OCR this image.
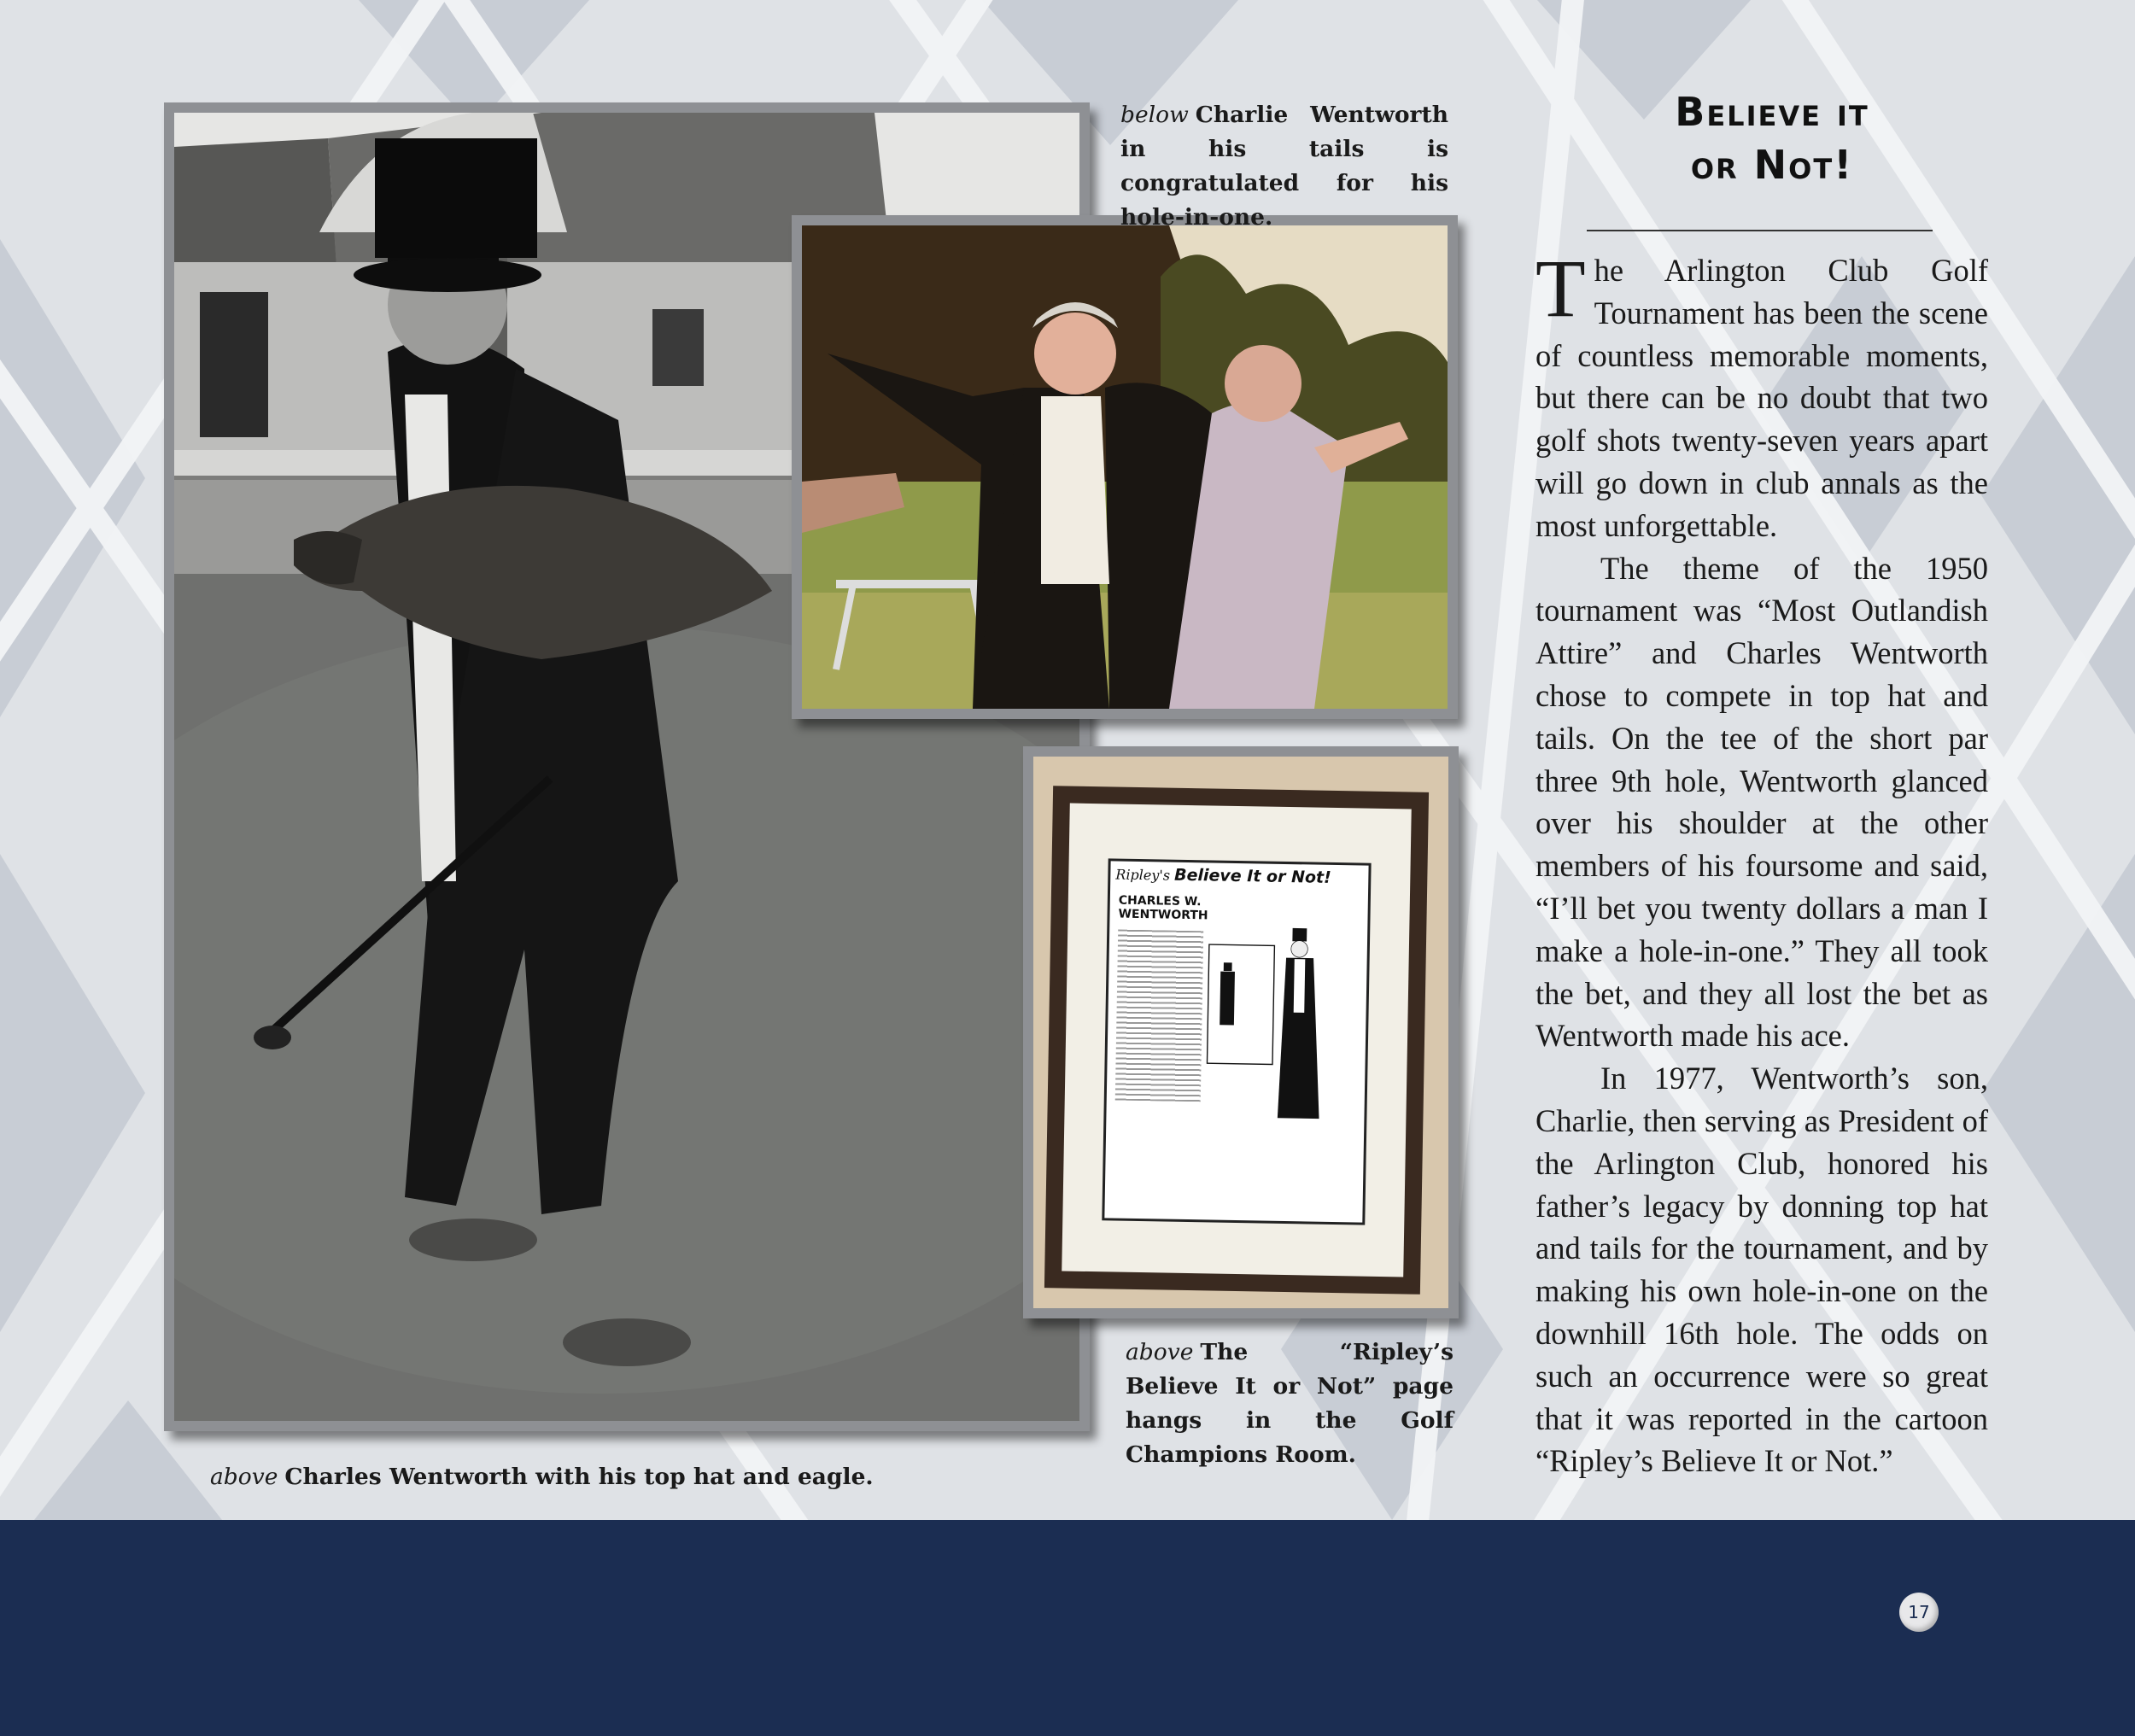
Ripley's Believe It or Not!
CHARLES W.
WENTWORTH
below Charlie Wentworth in his tails is congratulated for his hole-in-one.
above The “Ripley’s Believe It or Not” page hangs in the Golf Champions Room.
above Charles Wentworth with his top hat and eagle.
Believe it
or Not!

The Arlington Club Golf Tournament has been the scene of countless memorable moments, but there can be no doubt that two golf shots twenty-seven years apart will go down in club annals as the most unforgettable.

The theme of the 1950 tournament was “Most Outlandish Attire” and Charles Wentworth chose to compete in top hat and tails. On the tee of the short par three 9th hole, Wentworth glanced over his shoulder at the other members of his foursome and said, “I’ll bet you twenty dollars a man I make a hole-in-one.” They all took the bet, and they all lost the bet as Wentworth made his ace.

In 1977, Wentworth’s son, Charlie, then serving as President of the Arlington Club, honored his father’s legacy by donning top hat and tails for the tournament, and by making his own hole-in-one on the downhill 16th hole. The odds on such an occurrence were so great that it was reported in the cartoon “Ripley’s Believe It or Not.”

17
